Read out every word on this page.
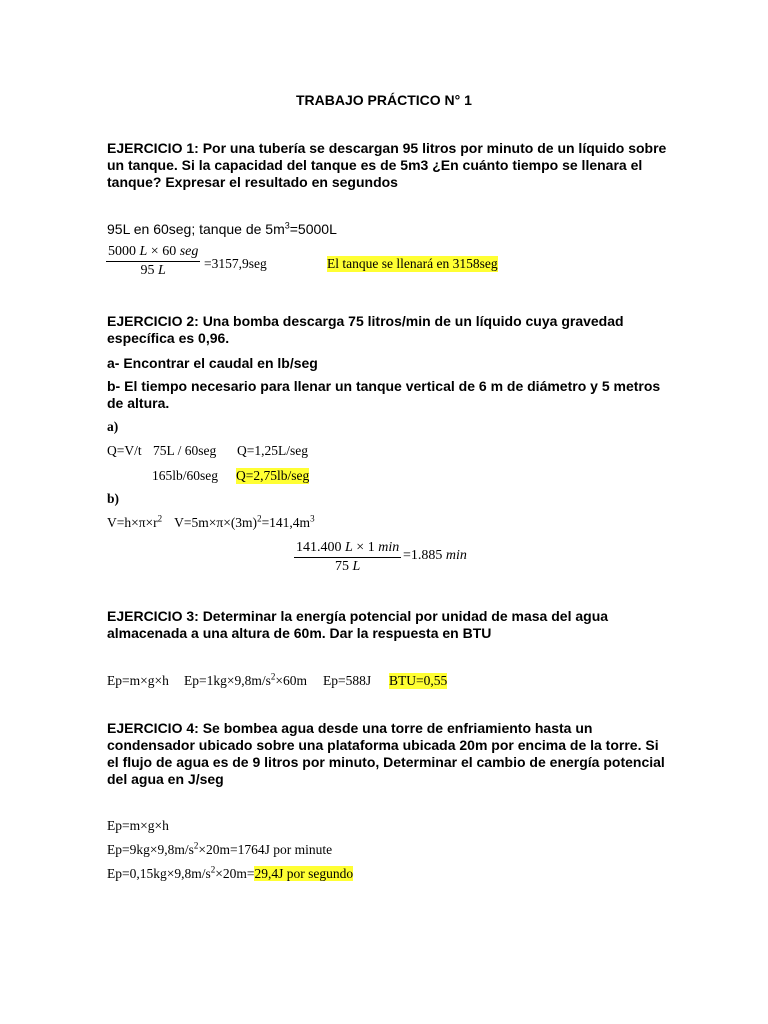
TRABAJO PRÁCTICO N° 1
EJERCICIO 1: Por una tubería se descargan 95 litros por minuto de un líquido sobre un tanque. Si la capacidad del tanque es de 5m3 ¿En cuánto tiempo se llenara el tanque? Expresar el resultado en segundos
95L en 60seg; tanque de $5m^3=5000L$
5000 L × 60 seg
95 L	=3157,9seg	El tanque se llenará en 3158seg
EJERCICIO 2: Una bomba descarga 75 litros/min de un líquido cuya gravedad específica es 0,96.
a- Encontrar el caudal en lb/seg
b- El tiempo necesario para llenar un tanque vertical de 6 m de diámetro y 5 metros de altura.
a)
Q=V/t 75L / 60seg Q=1,25L/seg
165lb/60seg Q=2,75lb/seg
b)
$V=h\times\pi\times r^2$ $V=5m\times\pi\times(3m)^2=141,4m^3$
141.400 L × 1 min
75 L
=1.885 min
EJERCICIO 3: Determinar la energía potencial por unidad de masa del agua almacenada a una altura de 60m. Dar la respuesta en BTU
Ep=m×g×h $Ep=1kg\times 9,8m/s^2\times 60m$ Ep=588J BTU=0,55
EJERCICIO 4: Se bombea agua desde una torre de enfriamiento hasta un condensador ubicado sobre una plataforma ubicada 20m por encima de la torre. Si el flujo de agua es de 9 litros por minuto, Determinar el cambio de energía potencial del agua en J/seg
Ep=m×g×h
$Ep=9kg\times 9,8m/s^2\times 20m=1764J$ por minute
$Ep=0,15kg\times 9,8m/s^2\times 20m=29,4J$ por segundo
